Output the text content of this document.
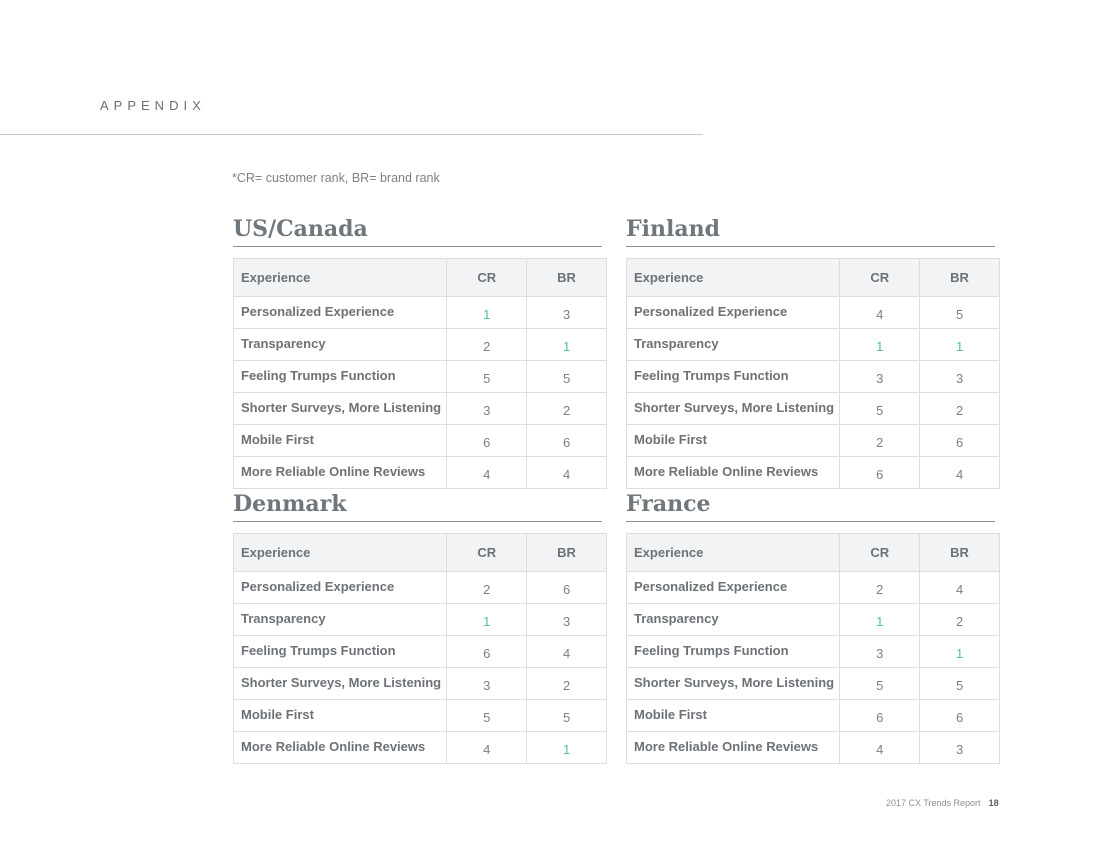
APPENDIX
*CR= customer rank, BR= brand rank
US/Canada
Experience	CR	BR
Personalized Experience	1	3
Transparency	2	1
Feeling Trumps Function	5	5
Shorter Surveys, More Listening	3	2
Mobile First	6	6
More Reliable Online Reviews	4	4
Finland
Experience	CR	BR
Personalized Experience	4	5
Transparency	1	1
Feeling Trumps Function	3	3
Shorter Surveys, More Listening	5	2
Mobile First	2	6
More Reliable Online Reviews	6	4
Denmark
Experience	CR	BR
Personalized Experience	2	6
Transparency	1	3
Feeling Trumps Function	6	4
Shorter Surveys, More Listening	3	2
Mobile First	5	5
More Reliable Online Reviews	4	1
France
Experience	CR	BR
Personalized Experience	2	4
Transparency	1	2
Feeling Trumps Function	3	1
Shorter Surveys, More Listening	5	5
Mobile First	6	6
More Reliable Online Reviews	4	3
2017 CX Trends Report 18
